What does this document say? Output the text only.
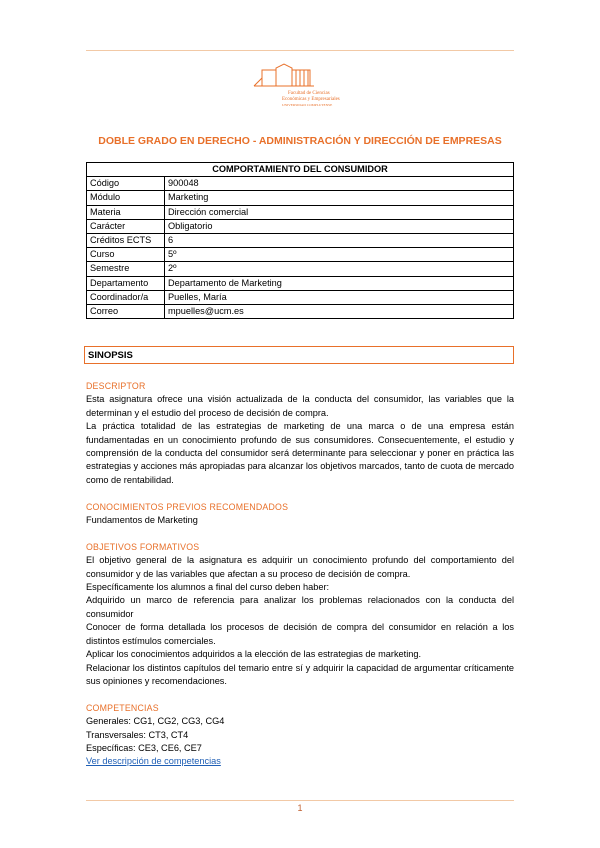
Facultad de Ciencias
Económicas y Empresariales
UNIVERSIDAD COMPLUTENSE
DOBLE GRADO EN DERECHO - ADMINISTRACIÓN Y DIRECCIÓN DE EMPRESAS
COMPORTAMIENTO DEL CONSUMIDOR	
Código	900048
Módulo	Marketing
Materia	Dirección comercial
Carácter	Obligatorio
Créditos ECTS	6
Curso	5º
Semestre	2º
Departamento	Departamento de Marketing
Coordinador/a	Puelles, María
Correo	mpuelles@ucm.es
SINOPSIS
DESCRIPTOR

Esta asignatura ofrece una visión actualizada de la conducta del consumidor, las variables que la determinan y el estudio del proceso de decisión de compra.

La práctica totalidad de las estrategias de marketing de una marca o de una empresa están fundamentadas en un conocimiento profundo de sus consumidores. Consecuentemente, el estudio y comprensión de la conducta del consumidor será determinante para seleccionar y poner en práctica las estrategias y acciones más apropiadas para alcanzar los objetivos marcados, tanto de cuota de mercado como de rentabilidad.

CONOCIMIENTOS PREVIOS RECOMENDADOS

Fundamentos de Marketing

OBJETIVOS FORMATIVOS

El objetivo general de la asignatura es adquirir un conocimiento profundo del comportamiento del consumidor y de las variables que afectan a su proceso de decisión de compra.

Específicamente los alumnos a final del curso deben haber:

Adquirido un marco de referencia para analizar los problemas relacionados con la conducta del consumidor

Conocer de forma detallada los procesos de decisión de compra del consumidor en relación a los distintos estímulos comerciales.

Aplicar los conocimientos adquiridos a la elección de las estrategias de marketing.

Relacionar los distintos capítulos del temario entre sí y adquirir la capacidad de argumentar críticamente sus opiniones y recomendaciones.

COMPETENCIAS

Generales: CG1, CG2, CG3, CG4

Transversales: CT3, CT4

Específicas: CE3, CE6, CE7

Ver descripción de competencias

1
